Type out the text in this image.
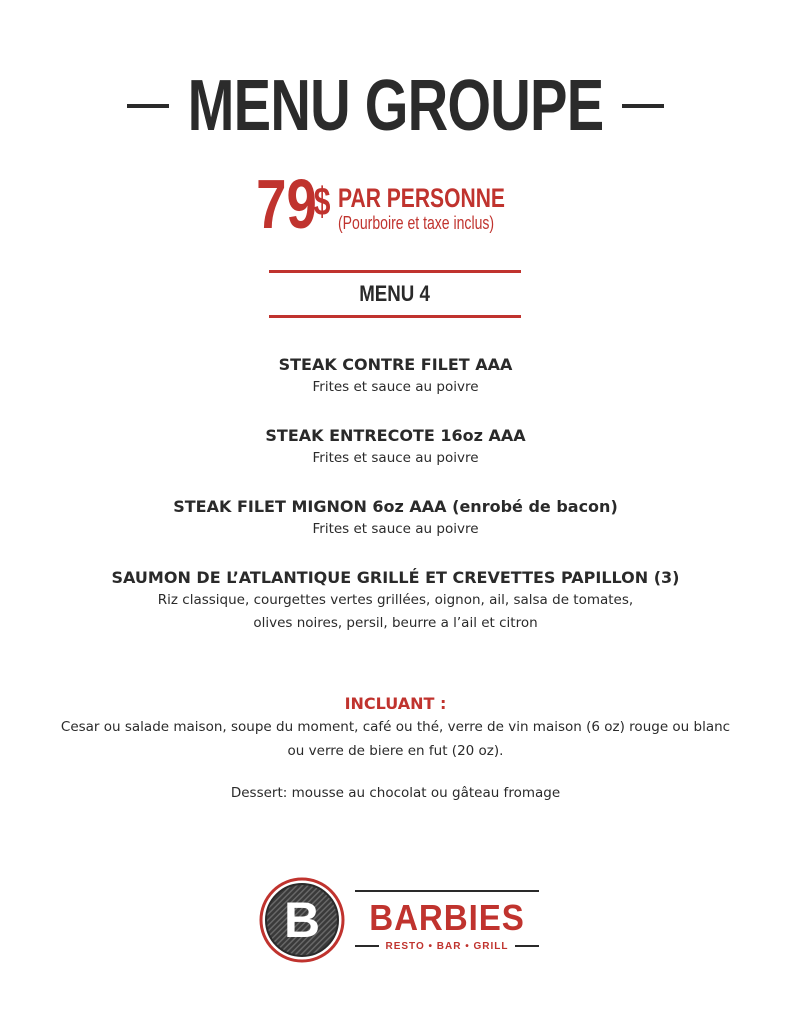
MENU GROUPE
79
$ PAR PERSONNE
(Pourboire et taxe inclus)
MENU 4
STEAK CONTRE FILET AAA
Frites et sauce au poivre
STEAK ENTRECOTE 16oz AAA
Frites et sauce au poivre
STEAK FILET MIGNON 6oz AAA (enrobé de bacon)
Frites et sauce au poivre
SAUMON DE L’ATLANTIQUE GRILLÉ ET CREVETTES PAPILLON (3)
Riz classique, courgettes vertes grillées, oignon, ail, salsa de tomates,
olives noires, persil, beurre a l’ail et citron
INCLUANT :
Cesar ou salade maison, soupe du moment, café ou thé, verre de vin maison (6 oz) rouge ou blanc
ou verre de biere en fut (20 oz).
Dessert: mousse au chocolat ou gâteau fromage
B BARBIES
RESTO • BAR • GRILL
